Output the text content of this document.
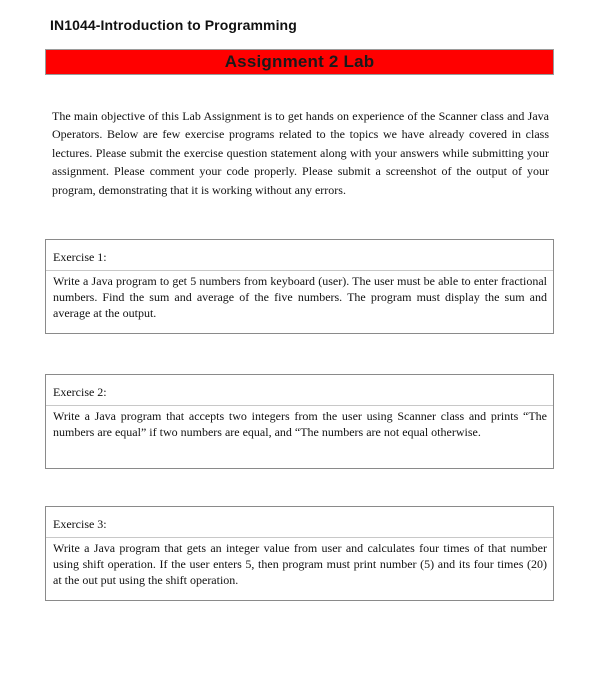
IN1044-Introduction to Programming
Assignment 2 Lab

The main objective of this Lab Assignment is to get hands on experience of the Scanner class and Java Operators. Below are few exercise programs related to the topics we have already covered in class lectures. Please submit the exercise question statement along with your answers while submitting your assignment. Please comment your code properly. Please submit a screenshot of the output of your program, demonstrating that it is working without any errors.

Exercise 1:

Write a Java program to get 5 numbers from keyboard (user). The user must be able to enter fractional numbers. Find the sum and average of the five numbers. The program must display the sum and average at the output.

Exercise 2:

Write a Java program that accepts two integers from the user using Scanner class and prints “The numbers are equal” if two numbers are equal, and “The numbers are not equal otherwise.

Exercise 3:

Write a Java program that gets an integer value from user and calculates four times of that number using shift operation. If the user enters 5, then program must print number (5) and its four times (20) at the out put using the shift operation.
